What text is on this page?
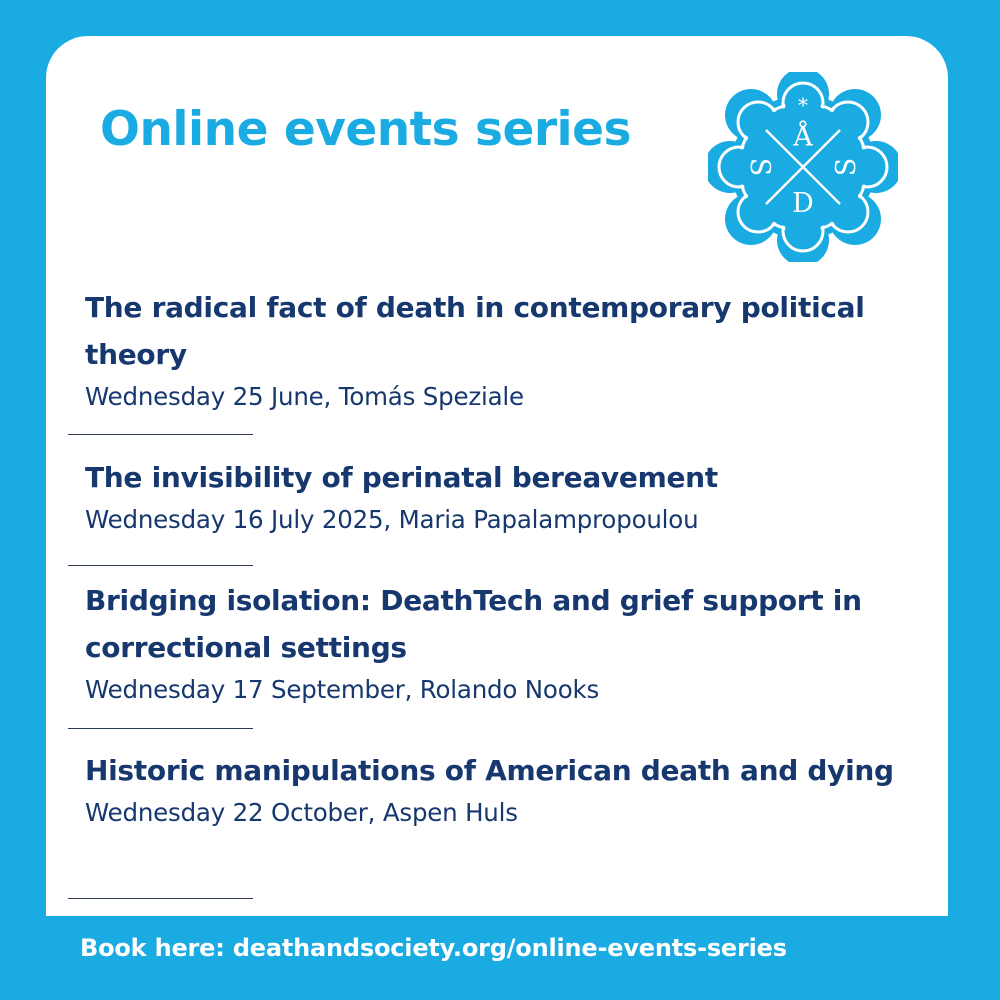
Online events series	*
Å
D
S S
The radical fact of death in contemporary political theory
Wednesday 25 June, Tomás Speziale
The invisibility of perinatal bereavement
Wednesday 16 July 2025, Maria Papalampropoulou
Bridging isolation: DeathTech and grief support in correctional settings
Wednesday 17 September, Rolando Nooks
Historic manipulations of American death and dying
Wednesday 22 October, Aspen Huls
Book here: deathandsociety.org/online-events-series
